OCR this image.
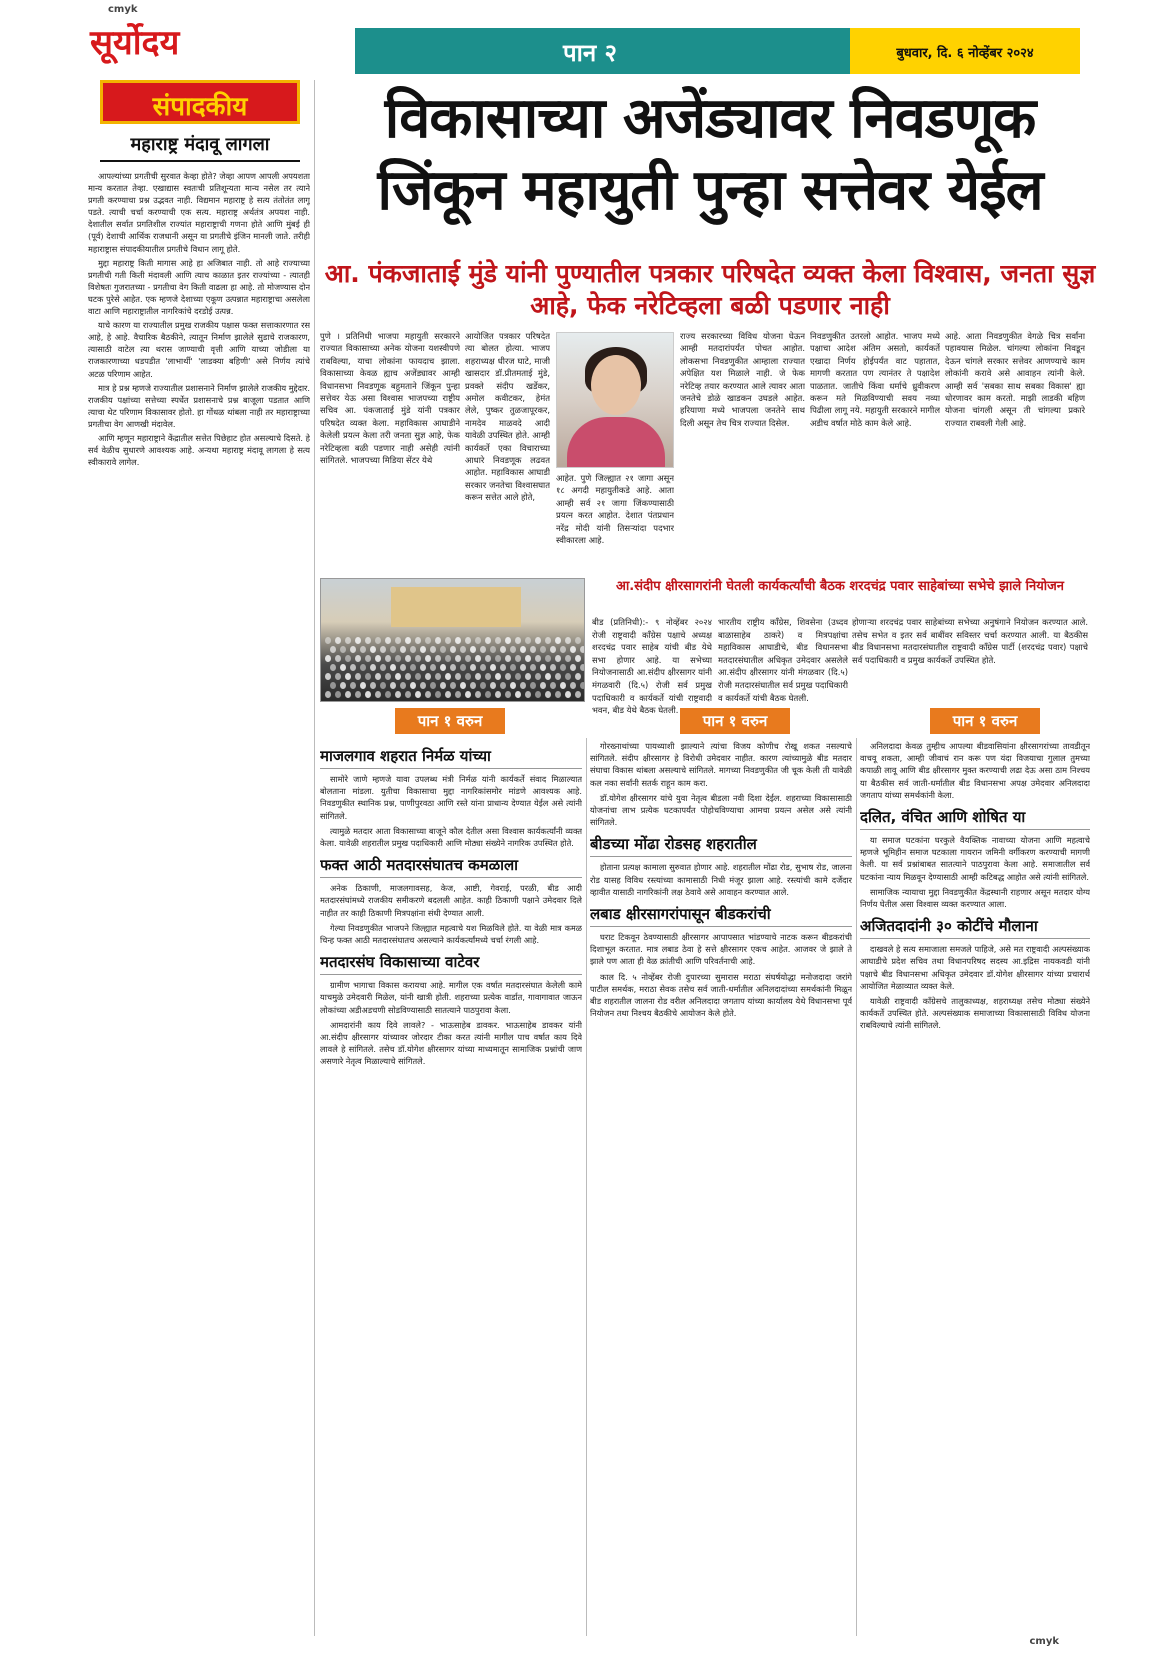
cmyk
cmyk
सूर्योदय	पान २	बुधवार, दि. ६ नोव्हेंबर २०२४
संपादकीय
महाराष्ट्र मंदावू लागला

आपल्यांच्या प्रगतीची सुरवात केव्हा होते? जेव्हा आपण आपली अपयशता मान्य करतात तेव्हा. एखाद्यास स्वतःची प्रतिशून्यता मान्य नसेल तर त्याने प्रगती करण्याचा प्रश्न उद्भवत नाही. विद्यमान महाराष्ट्र हे सत्य तंतोतंत लागू पडते. त्याची चर्चा करण्याची एक सत्य. महाराष्ट्र अर्थतंत्र अपयश नाही. देशातील सर्वात प्रगतिशील राज्यांत महाराष्ट्राची गणना होते आणि मुंबई ही (पूर्व) देशाची आर्थिक राजधानी असून या प्रगतीचे इंजिन मानली जाते. तरीही महाराष्ट्रास संपादकीयातील प्रगतीचे विधान लागू होते.

मुद्दा महाराष्ट्र किती मागास आहे हा अजिबात नाही. तो आहे राज्याच्या प्रगतीची गती किती मंदावली आणि त्याच काळात इतर राज्यांच्या - त्यातही विशेषतः गुजरातच्या - प्रगतीचा वेग किती वाढला हा आहे. तो मोजण्यास दोन घटक पुरेसे आहेत. एक म्हणजे देशाच्या एकूण उत्पन्नात महाराष्ट्राचा असलेला वाटा आणि महाराष्ट्रातील नागरिकांचे दरडोई उत्पन्न.

याचे कारण या राज्यातील प्रमुख राजकीय पक्षास फक्त सत्ताकारणात रस आहे, हे आहे. वैचारिक बैठकीने, त्यातून निर्माण झालेले सुडाचे राजकारण, त्यासाठी वाटेल त्या थरास जाण्याची वृत्ती आणि याच्या जोडीला या राजकारणाच्या धडपडीत 'लाभार्थी' 'लाडक्या बहिणी' असे निर्णय त्यांचे अटळ परिणाम आहेत.

मात्र हे प्रश्न म्हणजे राज्यातील प्रशासनाने निर्माण झालेले राजकीय मुद्देदार. राजकीय पक्षांच्या सत्तेच्या स्पर्धेत प्रशासनाचे प्रश्न बाजूला पडतात आणि त्याचा थेट परिणाम विकासावर होतो. हा गोंधळ थांबला नाही तर महाराष्ट्राच्या प्रगतीचा वेग आणखी मंदावेल.

आणि म्हणून महाराष्ट्राने केंद्रातील सत्तेत पिछेहाट होत असल्याचे दिसते. हे सर्व वेळीच सुधारणे आवश्यक आहे. अन्यथा महाराष्ट्र मंदावू लागला हे सत्य स्वीकारावे लागेल.

विकासाच्या अजेंड्यावर निवडणूक
जिंकून महायुती पुन्हा सत्तेवर येईल
आ. पंकजाताई मुंडे यांनी पुण्यातील पत्रकार परिषदेत व्यक्त केला विश्वास, जनता सुज्ञ आहे, फेक नरेटिव्हला बळी पडणार नाही
पुणे । प्रतिनिधी भाजपा महायुती सरकारने राज्यात विकासाच्या अनेक योजना यशस्वीपणे राबविल्या, याचा लोकांना फायदाच झाला. विकासाच्या केवळ ह्याच अजेंड्यावर आम्ही विधानसभा निवडणूक बहुमताने जिंकून पुन्हा सत्तेवर येऊ असा विश्वास भाजपच्या राष्ट्रीय सचिव आ. पंकजाताई मुंडे यांनी पत्रकार परिषदेत व्यक्त केला. महाविकास आघाडीने केलेली प्रयत्न केला तरी जनता सुज्ञ आहे, फेक नरेटिव्हला बळी पडणार नाही असेही त्यांनी सांगितले. भाजपच्या मिडिया सेंटर येथे
आयोजित पत्रकार परिषदेत त्या बोलत होत्या. भाजप शहराध्यक्ष धीरज घाटे, माजी खासदार डॉ.प्रीतमताई मुंडे, प्रवक्ते संदीप खर्डेकर, अमोल कवीटकर, हेमंत लेले, पुष्कर तुळजापूरकर, नामदेव माळवदे आदी यावेळी उपस्थित होते. आम्ही कार्यकर्ते एका विचाराच्या आधारे निवडणूक लढवत आहोत. महाविकास आघाडी सरकार जनतेचा विश्वासघात करून सत्तेत आले होते,
आहेत. पुणे जिल्ह्यात २१ जागा असून १८ अगदी महायुतीकडे आहे. आता आम्ही सर्व २१ जागा जिंकण्यासाठी प्रयत्न करत आहोत. देशात पंतप्रधान नरेंद्र मोदी यांनी तिसऱ्यांदा पदभार स्वीकारला आहे.
राज्य सरकारच्या विविध योजना घेऊन आम्ही मतदारांपर्यंत पोचत आहोत. लोकसभा निवडणुकीत आम्हाला राज्यात अपेक्षित यश मिळाले नाही. जे फेक नरेटिव्ह तयार करण्यात आले त्यावर आता जनतेचे डोळे खाडकन उघडले आहेत. हरियाणा मध्ये भाजपला जनतेने साथ दिली असून तेच चित्र राज्यात दिसेल.
निवडणुकीत उतरलो आहोत. भाजप मध्ये पक्षाचा आदेश अंतिम असतो, कार्यकर्ते एखादा निर्णय होईपर्यंत वाट पहातात, मागणी करतात पण त्यानंतर ते पक्षादेश पाळतात. जातीचे किंवा धर्माचे ध्रुवीकरण करून मते मिळविण्याची सवय नव्या पिढीला लागू नये. महायुती सरकारने मागील अडीच वर्षात मोठे काम केले आहे.
आहे. आता निवडणुकीत वेगळे चित्र सर्वांना पहावयास मिळेल. चांगल्या लोकांना निवडून देऊन चांगले सरकार सत्तेवर आणण्याचे काम लोकांनी करावे असे आवाहन त्यांनी केले. आम्ही सर्व 'सबका साथ सबका विकास' ह्या धोरणावर काम करतो. माझी लाडकी बहिण योजना चांगली असून ती चांगल्या प्रकारे राज्यात राबवली गेली आहे.
आ.संदीप क्षीरसागरांनी घेतली कार्यकर्त्यांची बैठक शरदचंद्र पवार साहेबांच्या सभेचे झाले नियोजन
बीड (प्रतिनिधी):- ९ नोव्हेंबर २०२४ रोजी राष्ट्रवादी काँग्रेस पक्षाचे अध्यक्ष शरदचंद्र पवार साहेब यांची बीड येथे सभा होणार आहे. या सभेच्या नियोजनासाठी आ.संदीप क्षीरसागर यांनी मंगळवारी (दि.५) रोजी सर्व प्रमुख पदाधिकारी व कार्यकर्ते यांची राष्ट्रवादी भवन, बीड येथे बैठक घेतली.
भारतीय राष्ट्रीय काँग्रेस, शिवसेना (उध्दव बाळासाहेब ठाकरे) व मित्रपक्षांचा महाविकास आघाडीचे, बीड विधानसभा मतदारसंघातील अधिकृत उमेदवार असलेले आ.संदीप क्षीरसागर यांनी मंगळवार (दि.५) रोजी मतदारसंघातील सर्व प्रमुख पदाधिकारी व कार्यकर्ते यांची बैठक घेतली.
होणाऱ्या शरदचंद्र पवार साहेबांच्या सभेच्या अनुषंगाने नियोजन करण्यात आले. तसेच सभेत व इतर सर्व बाबींवर सविस्तर चर्चा करण्यात आली. या बैठकीस बीड विधानसभा मतदारसंघातील राष्ट्रवादी काँग्रेस पार्टी (शरदचंद्र पवार) पक्षाचे सर्व पदाधिकारी व प्रमुख कार्यकर्ते उपस्थित होते.
पान १ वरुन	पान १ वरुन	पान १ वरुन
माजलगाव शहरात निर्मळ यांच्या

सामोरे जाणे म्हणजे यावा उपलब्ध मंत्री निर्मळ यांनी कार्यकर्ते संवाद मिळाल्यात बोलताना मांडला. युतीचा विकासाचा मुद्दा नागरिकांसमोर मांडणे आवश्यक आहे. निवडणुकीत स्थानिक प्रश्न, पाणीपुरवठा आणि रस्ते यांना प्राधान्य देण्यात येईल असे त्यांनी सांगितले.

त्यामुळे मतदार आता विकासाच्या बाजूने कौल देतील असा विश्वास कार्यकर्त्यांनी व्यक्त केला. यावेळी शहरातील प्रमुख पदाधिकारी आणि मोठ्या संख्येने नागरिक उपस्थित होते.

फक्त आठी मतदारसंघातच कमळाला

अनेक ठिकाणी, माजलगावसह, केज, आष्टी, गेवराई, परळी, बीड आदी मतदारसंघांमध्ये राजकीय समीकरणे बदलली आहेत. काही ठिकाणी पक्षाने उमेदवार दिले नाहीत तर काही ठिकाणी मित्रपक्षांना संधी देण्यात आली.

गेल्या निवडणुकीत भाजपने जिल्ह्यात महत्वाचे यश मिळविले होते. या वेळी मात्र कमळ चिन्ह फक्त आठी मतदारसंघातच असल्याने कार्यकर्त्यांमध्ये चर्चा रंगली आहे.

मतदारसंघ विकासाच्या वाटेवर

ग्रामीण भागाचा विकास करायचा आहे. मागील एक वर्षात मतदारसंघात केलेली कामे याचमुळे उमेदवारी मिळेल, यांनी खात्री होती. शहराच्या प्रत्येक वार्डात, गावागावात जाऊन लोकांच्या अडीअडचणी सोडविण्यासाठी सातत्याने पाठपुरावा केला.

आमदारांनी काय दिवे लावले? - भाऊसाहेब डावकर. भाऊसाहेब डावकर यांनी आ.संदीप क्षीरसागर यांच्यावर जोरदार टीका करत त्यांनी मागील पाच वर्षात काय दिवे लावले हे सांगितले. तसेच डॉ.योगेश क्षीरसागर यांच्या माध्यमातून सामाजिक प्रश्नांची जाण असणारे नेतृत्व मिळाल्याचे सांगितले.

गोरख्नाथांच्या पायथ्याशी झाल्याने त्यांचा विजय कोणीच रोखू शकत नसल्याचे सांगितले. संदीप क्षीरसागर हे विरोधी उमेदवार नाहीत. कारण त्यांच्यामुळे बीड मतदार संघाचा विकास थांबला असल्याचे सांगितले. मागच्या निवडणुकीत जी चूक केली ती यावेळी कल नका सर्वांनी सतर्क राहून काम करा.

डॉ.योगेश क्षीरसागर यांचे युवा नेतृत्व बीडला नवी दिशा देईल. शहराच्या विकासासाठी योजनांचा लाभ प्रत्येक घटकापर्यंत पोहोचविण्याचा आमचा प्रयत्न असेल असे त्यांनी सांगितले.

बीडच्या मोंढा रोडसह शहरातील

होताना प्रत्यक्ष कामाला सुरुवात होणार आहे. शहरातील मोंढा रोड, सुभाष रोड, जालना रोड यासह विविध रस्त्यांच्या कामासाठी निधी मंजूर झाला आहे. रस्त्यांची कामे दर्जेदार व्हावीत यासाठी नागरिकांनी लक्ष ठेवावे असे आवाहन करण्यात आले.

लबाड क्षीरसागरांपासून बीडकरांची

घराट टिकवून ठेवण्यासाठी क्षीरसागर आपापसात भांडण्याचे नाटक करून बीडकरांची दिशाभूल करतात. मात्र लबाड ठेवा हे सत्ते क्षीरसागर एकच आहेत. आजवर जे झाले ते झाले पण आता ही वेळ क्रांतीची आणि परिवर्तनाची आहे.

काल दि. ५ नोव्हेंबर रोजी दुपारच्या सुमारास मराठा संघर्षयोद्धा मनोजदादा जरांगे पाटील समर्थक, मराठा सेवक तसेच सर्व जाती-धर्मातील अनिलदादांच्या समर्थकांनी मिळून बीड शहरातील जालना रोड वरील अनिलदादा जगताप यांच्या कार्यालय येथे विधानसभा पूर्व नियोजन तथा निश्चय बैठकीचे आयोजन केले होते.

अनिलदादा केवळ तुम्हीच आपल्या बीडवासियांना क्षीरसागरांच्या तावडीतून वाचवू शकता, आम्ही जीवाचं रान करू पण यंदा विजयाचा गुलाल तुमच्या कपाळी लावू आणि बीड क्षीरसागर मुक्त करण्याची लढा देऊ असा ठाम निश्चय या बैठकीस सर्व जाती-धर्मातील बीड विधानसभा अपक्ष उमेदवार अनिलदादा जगताप यांच्या समर्थकांनी केला.

दलित, वंचित आणि शोषित या

या समाज घटकांना घरकुले वैयक्तिक नावाच्या योजना आणि महत्वाचे म्हणजे भूमिहीन समाज घटकाला गायरान जमिनी वर्गीकरण करण्याची मागणी केली. या सर्व प्रश्नांबाबत सातत्याने पाठपुरावा केला आहे. समाजातील सर्व घटकांना न्याय मिळवून देण्यासाठी आम्ही कटिबद्ध आहोत असे त्यांनी सांगितले.

सामाजिक न्यायाचा मुद्दा निवडणुकीत केंद्रस्थानी राहणार असून मतदार योग्य निर्णय घेतील असा विश्वास व्यक्त करण्यात आला.

अजितदादांनी ३० कोटींचे मौलाना

दाखवले हे सत्य समाजाला समजले पाहिजे, असे मत राष्ट्रवादी अल्पसंख्याक आघाडीचे प्रदेश सचिव तथा विधानपरिषद सदस्य आ.इद्रिस नायकवडी यांनी पक्षाचे बीड विधानसभा अधिकृत उमेदवार डॉ.योगेश क्षीरसागर यांच्या प्रचारार्थ आयोजित मेळाव्यात व्यक्त केले.

यावेळी राष्ट्रवादी काँग्रेसचे तालुकाध्यक्ष, शहराध्यक्ष तसेच मोठ्या संख्येने कार्यकर्ते उपस्थित होते. अल्पसंख्याक समाजाच्या विकासासाठी विविध योजना राबविल्याचे त्यांनी सांगितले.
